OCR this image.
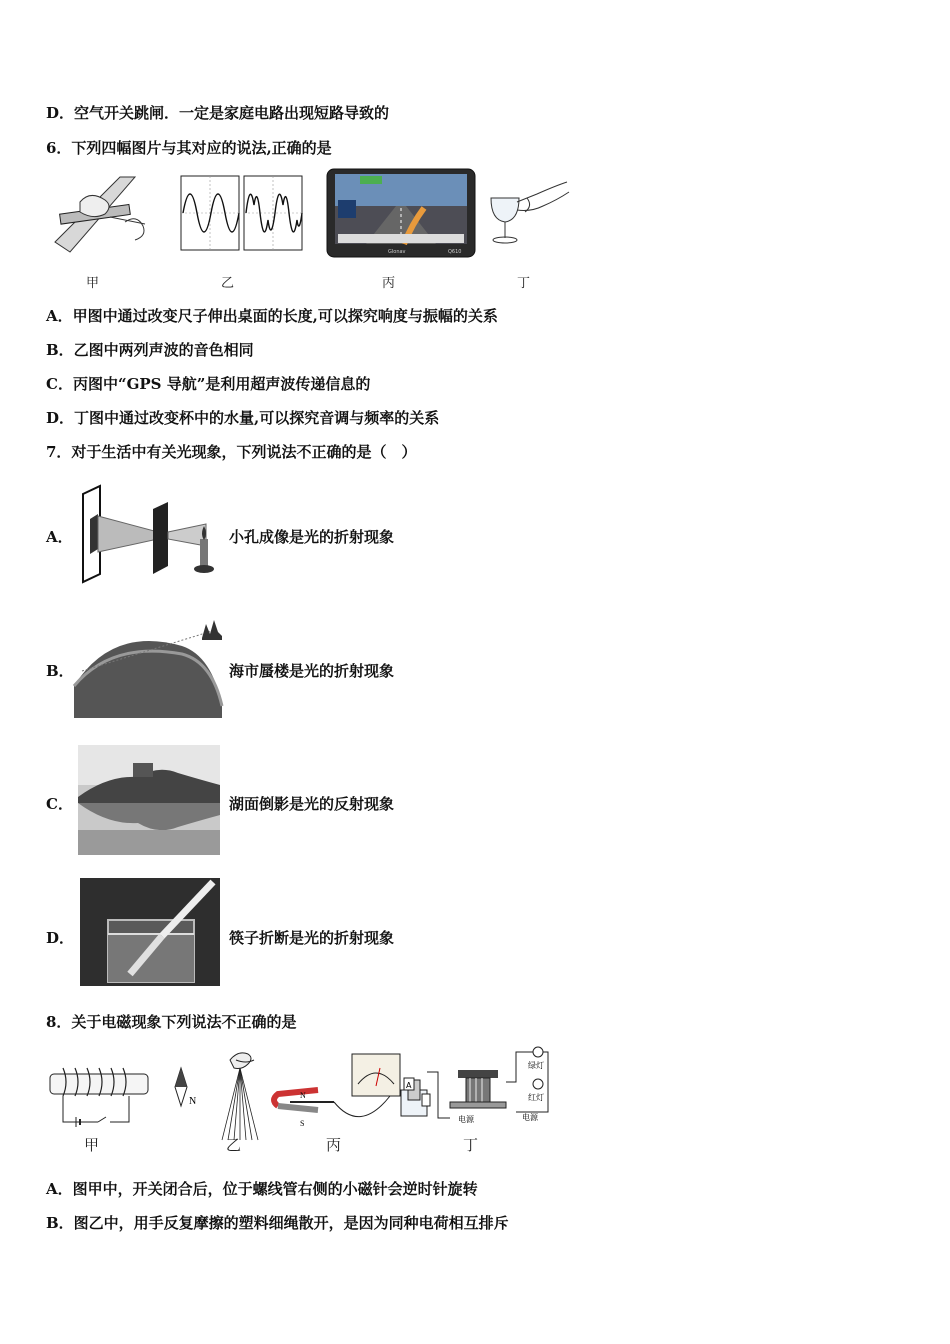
D．空气开关跳闸．一定是家庭电路出现短路导致的
6．下列四幅图片与其对应的说法,正确的是
甲	乙
Glonav	Q610
丙	丁
A．甲图中通过改变尺子伸出桌面的长度,可以探究响度与振幅的关系
B．乙图中两列声波的音色相同
C．丙图中“GPS 导航”是利用超声波传递信息的
D．丁图中通过改变杯中的水量,可以探究音调与频率的关系
7．对于生活中有关光现象，下列说法不正确的是（　）
A．	小孔成像是光的折射现象
B．	海市蜃楼是光的折射现象
C．	湖面倒影是光的反射现象
D．	筷子折断是光的折射现象
8．关于电磁现象下列说法不正确的是
N
甲	乙
N
S
丙
A
电源
绿灯
红灯
电源
丁
A．图甲中，开关闭合后，位于螺线管右侧的小磁针会逆时针旋转
B．图乙中，用手反复摩擦的塑料细绳散开，是因为同种电荷相互排斥
